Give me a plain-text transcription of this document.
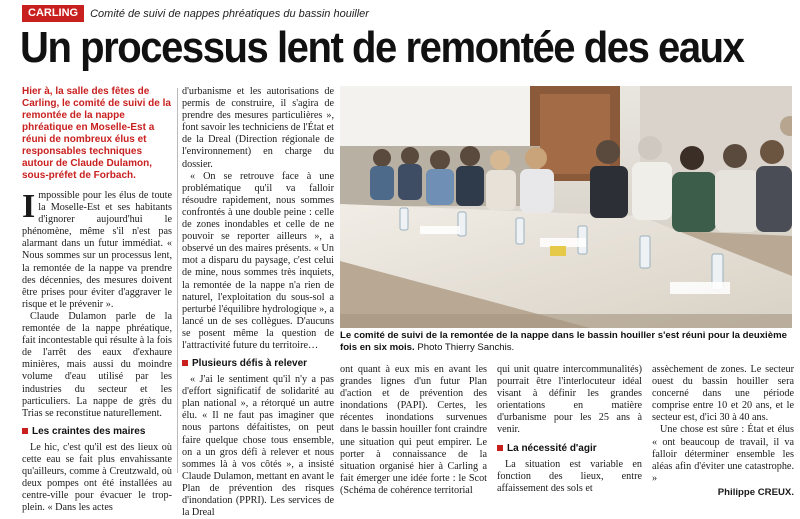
CARLING	Comité de suivi de nappes phréatiques du bassin houiller
Un processus lent de remontée des eaux

Hier à, la salle des fêtes de Carling, le comité de suivi de la remontée de la nappe phréatique en Moselle-Est a réuni de nombreux élus et responsables techniques autour de Claude Dulamon, sous-préfet de Forbach.

Impossible pour les élus de toute la Moselle-Est et ses habitants d'ignorer aujourd'hui le phénomène, même s'il n'est pas alarmant dans un futur immédiat. « Nous sommes sur un processus lent, la remontée de la nappe va prendre des décennies, des mesures doivent être prises pour éviter d'aggraver le risque et le prévenir ».

Claude Dulamon parle de la remontée de la nappe phréatique, fait incontestable qui résulte à la fois de l'arrêt des eaux d'exhaure minières, mais aussi du moindre volume d'eau utilisé par les industries du secteur et les particuliers. La nappe de grès du Trias se reconstitue naturellement.

Les craintes des maires

Le hic, c'est qu'il est des lieux où cette eau se fait plus envahissante qu'ailleurs, comme à Creutzwald, où deux pompes ont été installées au centre-ville pour évacuer le trop-plein. « Dans les actes

d'urbanisme et les autorisations de permis de construire, il s'agira de prendre des mesures particulières », font savoir les techniciens de l'État et de la Dreal (Direction régionale de l'environnement) en charge du dossier.

« On se retrouve face à une problématique qu'il va falloir résoudre rapidement, nous sommes confrontés à une double peine : celle de zones inondables et celle de ne pouvoir se reporter ailleurs », a observé un des maires présents. « Un mot a disparu du paysage, c'est celui de mine, nous sommes très inquiets, la remontée de la nappe n'a rien de naturel, l'exploitation du sous-sol a perturbé l'équilibre hydrologique », a lancé un de ses collègues. D'aucuns se posent même la question de l'attractivité future du territoire…

Plusieurs défis à relever

« J'ai le sentiment qu'il n'y a pas d'effort significatif de solidarité au plan national », a rétorqué un autre élu. « Il ne faut pas imaginer que nous partons défaitistes, on peut faire quelque chose tous ensemble, on a un gros défi à relever et nous sommes là à vos côtés », a insisté Claude Dulamon, mettant en avant le Plan de prévention des risques d'inondation (PPRI). Les services de la Dreal

Le comité de suivi de la remontée de la nappe dans le bassin houiller s'est réuni pour la deuxième fois en six mois. Photo Thierry Sanchis.

ont quant à eux mis en avant les grandes lignes d'un futur Plan d'action et de prévention des inondations (PAPI). Certes, les récentes inondations survenues dans le bassin houiller font craindre une situation qui peut empirer. Le porter à connaissance de la situation organisé hier à Carling a fait émerger une idée forte : le Scot (Schéma de cohérence territorial

qui unit quatre intercommunalités) pourrait être l'interlocuteur idéal visant à définir les grandes orientations en matière d'urbanisme pour les 25 ans à venir.

La nécessité d'agir

La situation est variable en fonction des lieux, entre affaissement des sols et

assèchement de zones. Le secteur ouest du bassin houiller sera concerné dans une période comprise entre 10 et 20 ans, et le secteur est, d'ici 30 à 40 ans.

Une chose est sûre : État et élus « ont beaucoup de travail, il va falloir déterminer ensemble les aléas afin d'éviter une catastrophe. »

Philippe CREUX.
